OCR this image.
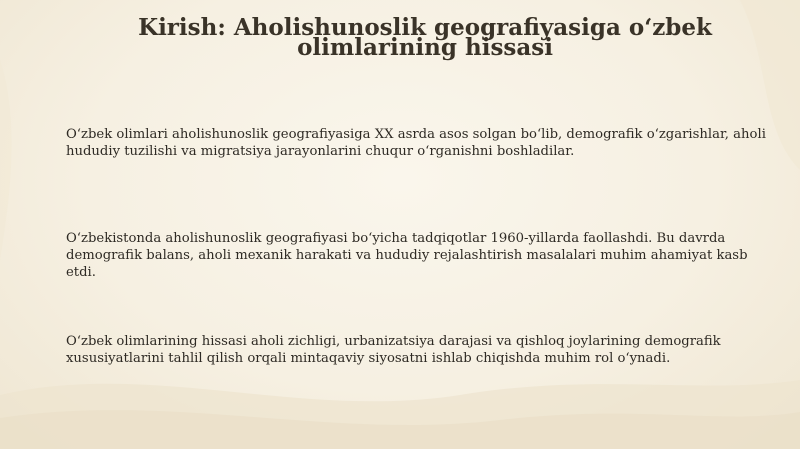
Kirish: Aholishunoslik geografiyasiga o‘zbek olimlarining hissasi

O‘zbek olimlari aholishunoslik geografiyasiga XX asrda asos solgan bo‘lib, demografik o‘zgarishlar, aholi hududiy tuzilishi va migratsiya jarayonlarini chuqur o‘rganishni boshladilar.

O‘zbekistonda aholishunoslik geografiyasi bo‘yicha tadqiqotlar 1960-yillarda faollashdi. Bu davrda demografik balans, aholi mexanik harakati va hududiy rejalashtirish masalalari muhim ahamiyat kasb etdi.

O‘zbek olimlarining hissasi aholi zichligi, urbanizatsiya darajasi va qishloq joylarining demografik xususiyatlarini tahlil qilish orqali mintaqaviy siyosatni ishlab chiqishda muhim rol o‘ynadi.
